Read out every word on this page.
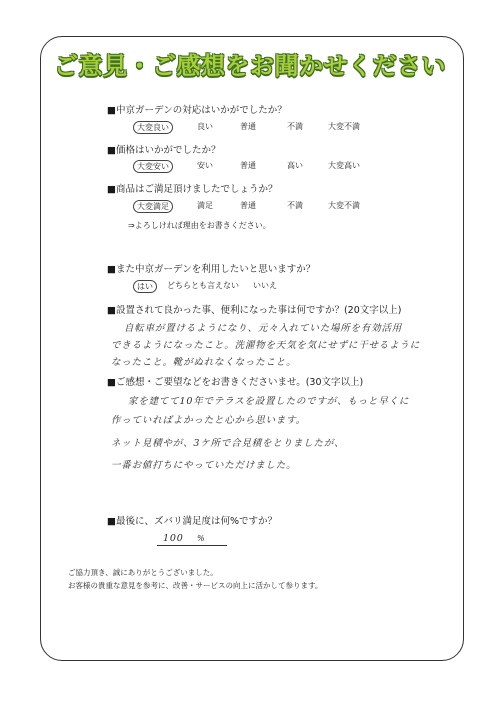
ご意見・ご感想をお聞かせください
■中京ガーデンの対応はいかがでしたか？
大変良い	良い	普通	不満	大変不満
■価格はいかがでしたか？
大変安い	安い	普通	高い	大変高い
■商品はご満足頂けましたでしょうか？
大変満足	満足	普通	不満	大変不満
⇒よろしければ理由をお書きください。
■また中京ガーデンを利用したいと思いますか？
はい	どちらとも言えない いいえ
■設置されて良かった事、便利になった事は何ですか？(20文字以上)
自転車が置けるようになり、元々入れていた場所を有効活用
できるようになったこと。洗濯物を天気を気にせずに干せるように
なったこと。靴がぬれなくなったこと。
■ご感想・ご要望などをお書きくださいませ。(30文字以上)
家を建てて10年でテラスを設置したのですが、もっと早くに
作っていればよかったと心から思います。
ネット見積やが、3ケ所で合見積をとりましたが、
一番お値打ちにやっていただけました。
■最後に、ズバリ満足度は何%ですか？
100 %
ご協力頂き、誠にありがとうございました。
お客様の貴重な意見を参考に、改善・サービスの向上に活かして参ります。
